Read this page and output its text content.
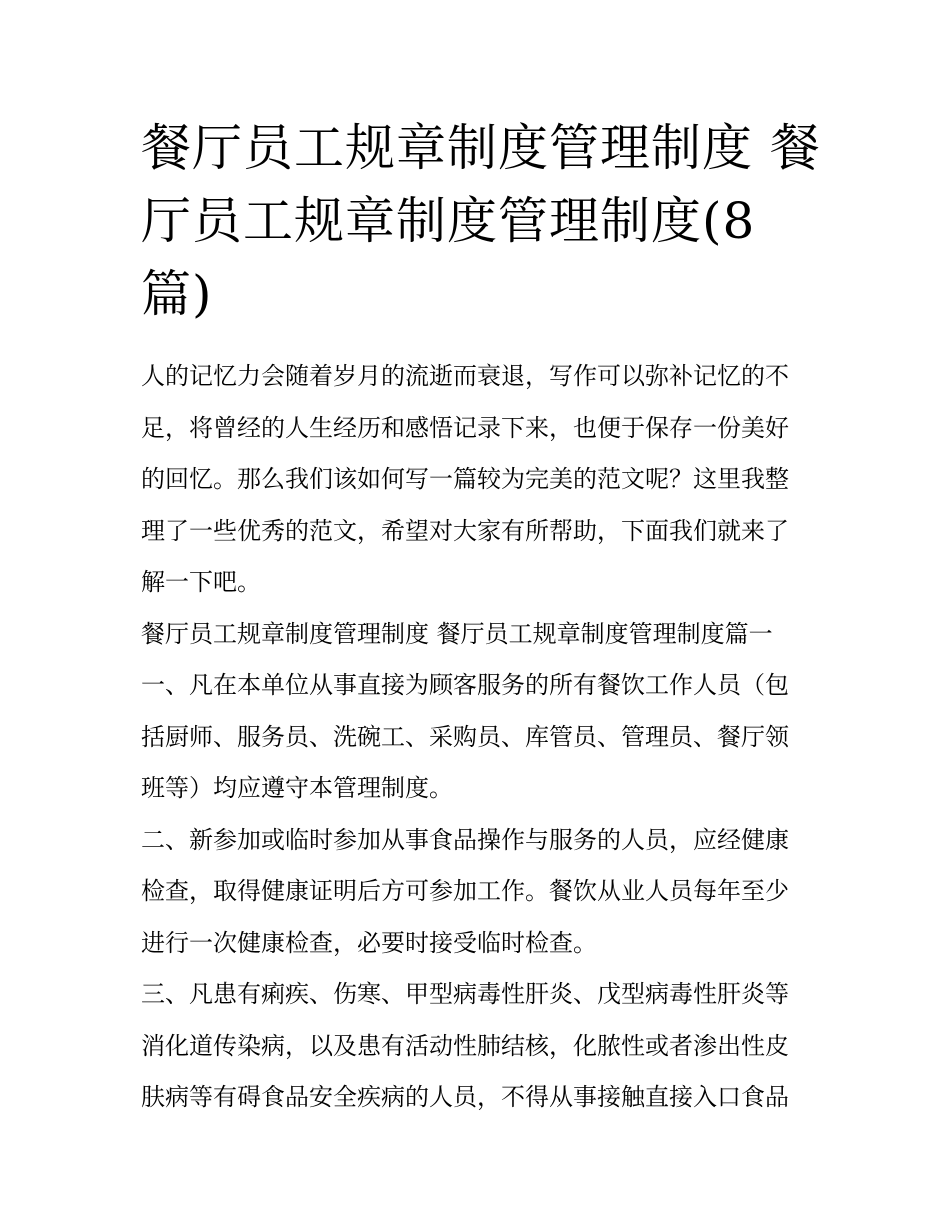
餐厅员工规章制度管理制度 餐
厅员工规章制度管理制度(8
篇)

人的记忆力会随着岁月的流逝而衰退，写作可以弥补记忆的不
足，将曾经的人生经历和感悟记录下来，也便于保存一份美好
的回忆。那么我们该如何写一篇较为完美的范文呢？这里我整
理了一些优秀的范文，希望对大家有所帮助，下面我们就来了
解一下吧。

餐厅员工规章制度管理制度 餐厅员工规章制度管理制度篇一

一、凡在本单位从事直接为顾客服务的所有餐饮工作人员（包
括厨师、服务员、洗碗工、采购员、库管员、管理员、餐厅领
班等）均应遵守本管理制度。

二、新参加或临时参加从事食品操作与服务的人员，应经健康
检查，取得健康证明后方可参加工作。餐饮从业人员每年至少
进行一次健康检查，必要时接受临时检查。

三、凡患有痢疾、伤寒、甲型病毒性肝炎、戊型病毒性肝炎等
消化道传染病，以及患有活动性肺结核，化脓性或者渗出性皮
肤病等有碍食品安全疾病的人员，不得从事接触直接入口食品
